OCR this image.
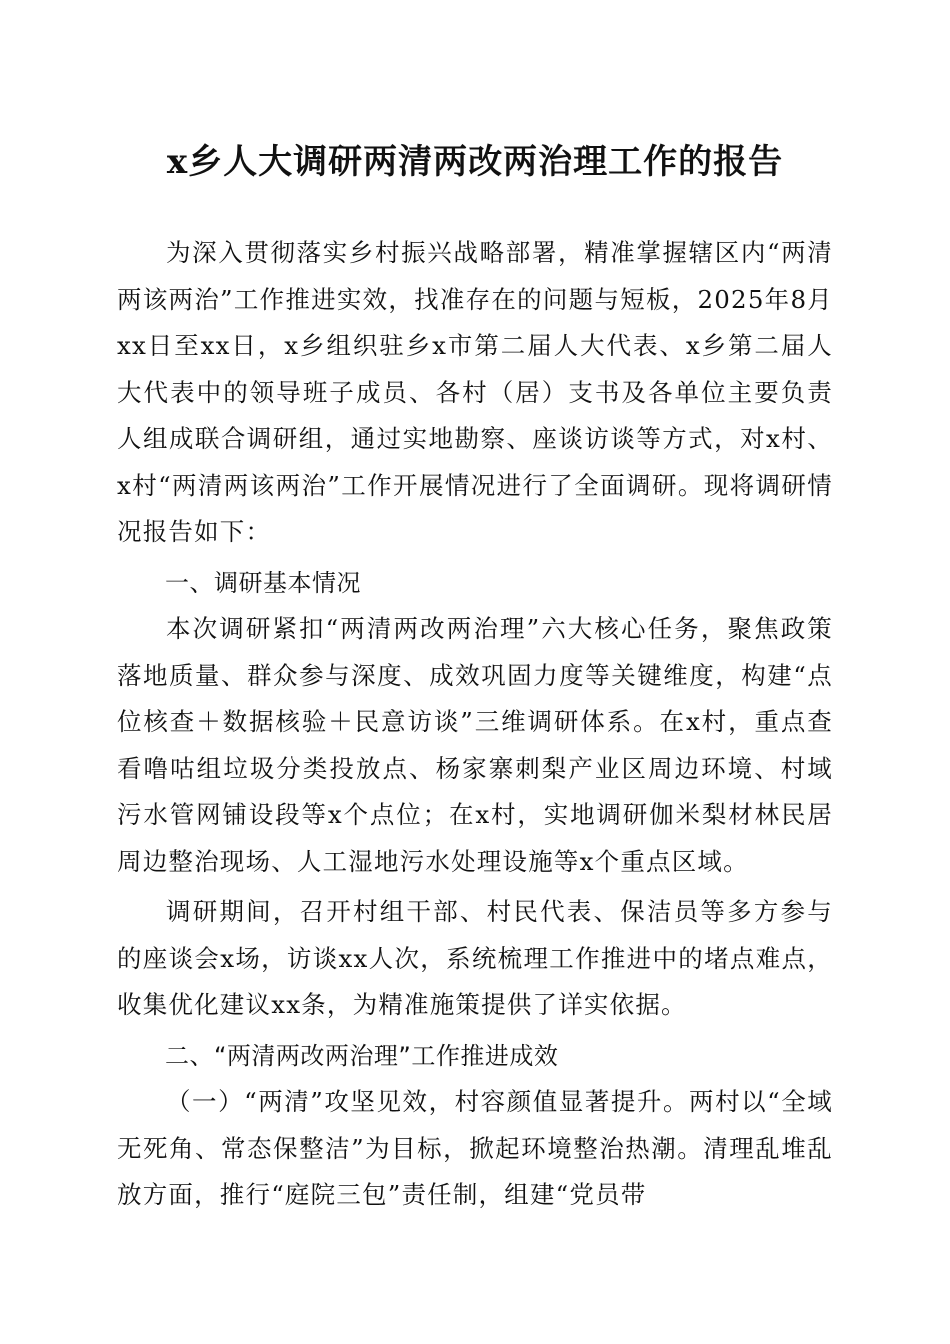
x乡人大调研两清两改两治理工作的报告

为深入贯彻落实乡村振兴战略部署，精准掌握辖区内“两清两该两治”工作推进实效，找准存在的问题与短板，2025年8月xx日至xx日，x乡组织驻乡x市第二届人大代表、x乡第二届人大代表中的领导班子成员、各村（居）支书及各单位主要负责人组成联合调研组，通过实地勘察、座谈访谈等方式，对x村、x村“两清两该两治”工作开展情况进行了全面调研。现将调研情况报告如下：

一、调研基本情况

本次调研紧扣“两清两改两治理”六大核心任务，聚焦政策落地质量、群众参与深度、成效巩固力度等关键维度，构建“点位核查＋数据核验＋民意访谈”三维调研体系。在x村，重点查看噜咕组垃圾分类投放点、杨家寨刺梨产业区周边环境、村域污水管网铺设段等x个点位；在x村，实地调研伽米梨材林民居周边整治现场、人工湿地污水处理设施等x个重点区域。

调研期间，召开村组干部、村民代表、保洁员等多方参与的座谈会x场，访谈xx人次，系统梳理工作推进中的堵点难点，收集优化建议xx条，为精准施策提供了详实依据。

二、“两清两改两治理”工作推进成效

（一）“两清”攻坚见效，村容颜值显著提升。两村以“全域无死角、常态保整洁”为目标，掀起环境整治热潮。清理乱堆乱放方面，推行“庭院三包”责任制，组建“党员带
